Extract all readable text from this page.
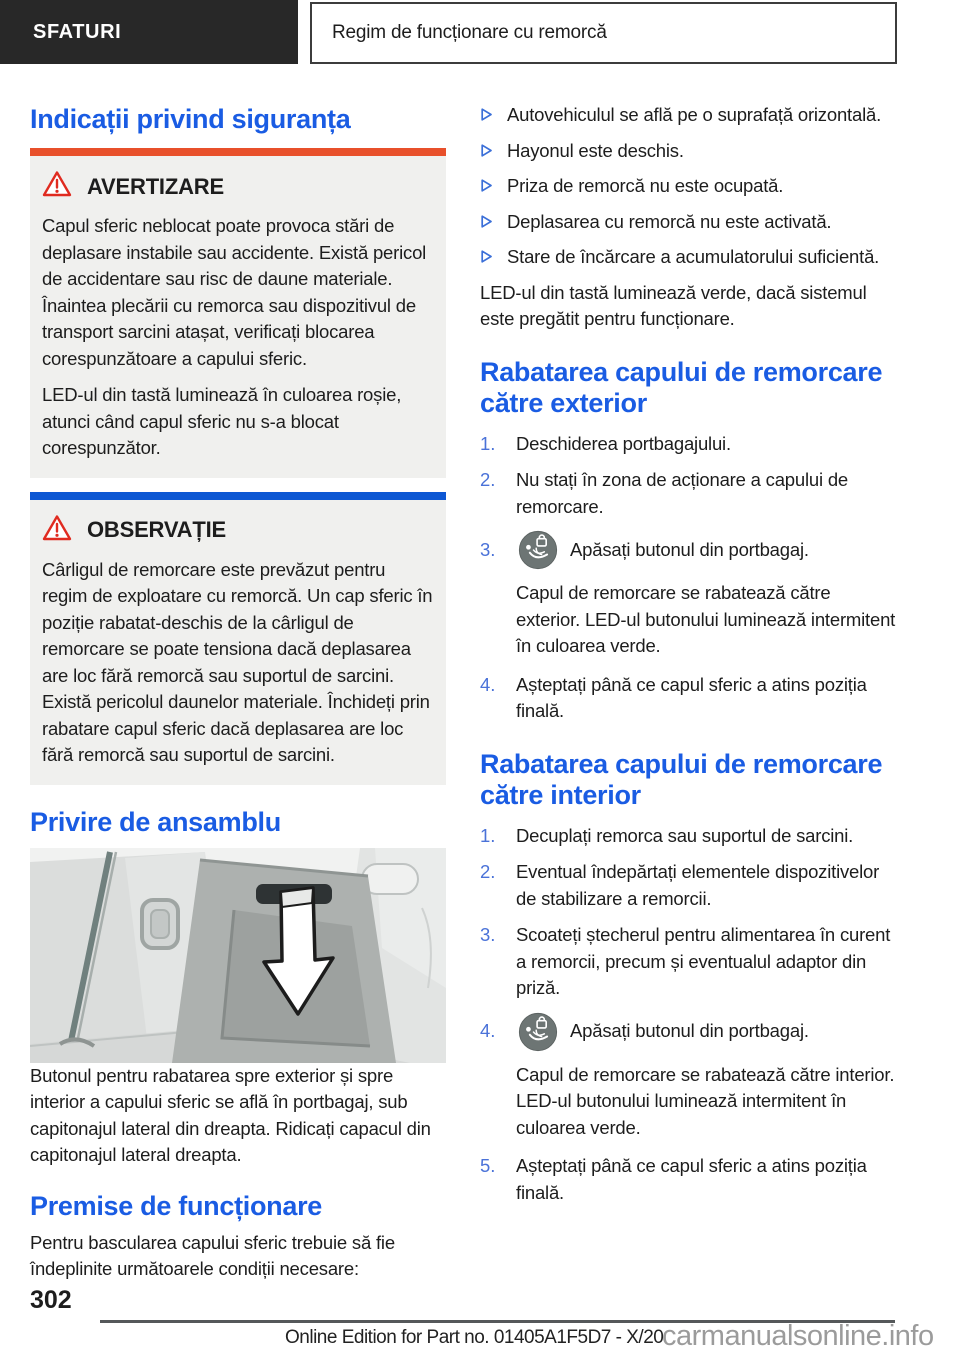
SFATURI	Regim de funcționare cu remorcă
Indicații privind siguranța
AVERTIZARE

Capul sferic neblocat poate provoca stări de deplasare instabile sau accidente. Există pericol de accidentare sau risc de daune materiale. Înaintea plecării cu remorca sau dispozitivul de transport sarcini atașat, verificați blocarea corespunzătoare a capului sferic.

LED-ul din tastă luminează în culoarea roșie, atunci când capul sferic nu s-a blocat corespunzător.

OBSERVAȚIE

Cârligul de remorcare este prevăzut pentru regim de exploatare cu remorcă. Un cap sferic în poziție rabatat-deschis de la cârligul de remorcare se poate tensiona dacă deplasarea are loc fără remorcă sau suportul de sarcini. Există pericolul daunelor materiale. Închideți prin rabatare capul sferic dacă deplasarea are loc fără remorcă sau suportul de sarcini.

Privire de ansamblu

Butonul pentru rabatarea spre exterior și spre interior a capului sferic se află în portbagaj, sub capitonajul lateral din dreapta. Ridicați capacul din capitonajul lateral dreapta.

Premise de funcționare

Pentru bascularea capului sferic trebuie să fie îndeplinite următoarele condiții necesare:

Autovehiculul se află pe o suprafață orizontală.
Hayonul este deschis.
Priza de remorcă nu este ocupată.
Deplasarea cu remorcă nu este activată.
Stare de încărcare a acumulatorului suficientă.

LED-ul din tastă luminează verde, dacă sistemul este pregătit pentru funcționare.

Rabatarea capului de remorcare către exterior
1.	Deschiderea portbagajului.
2.	Nu stați în zona de acționare a capului de remorcare.
3.	Apăsați butonul din portbagaj.

Capul de remorcare se rabatează către exterior. LED-ul butonului luminează intermitent în culoarea verde.

4.	Așteptați până ce capul sferic a atins poziția finală.
Rabatarea capului de remorcare către interior
1.	Decuplați remorca sau suportul de sarcini.
2.	Eventual îndepărtați elementele dispozitivelor de stabilizare a remorcii.
3.	Scoateți ștecherul pentru alimentarea în curent a remorcii, precum și eventualul adaptor din priză.
4.	Apăsați butonul din portbagaj.

Capul de remorcare se rabatează către interior. LED-ul butonului luminează intermitent în culoarea verde.

5.	Așteptați până ce capul sferic a atins poziția finală.
302
Online Edition for Part no. 01405A1F5D7 - X/20
carmanualsonline.info
